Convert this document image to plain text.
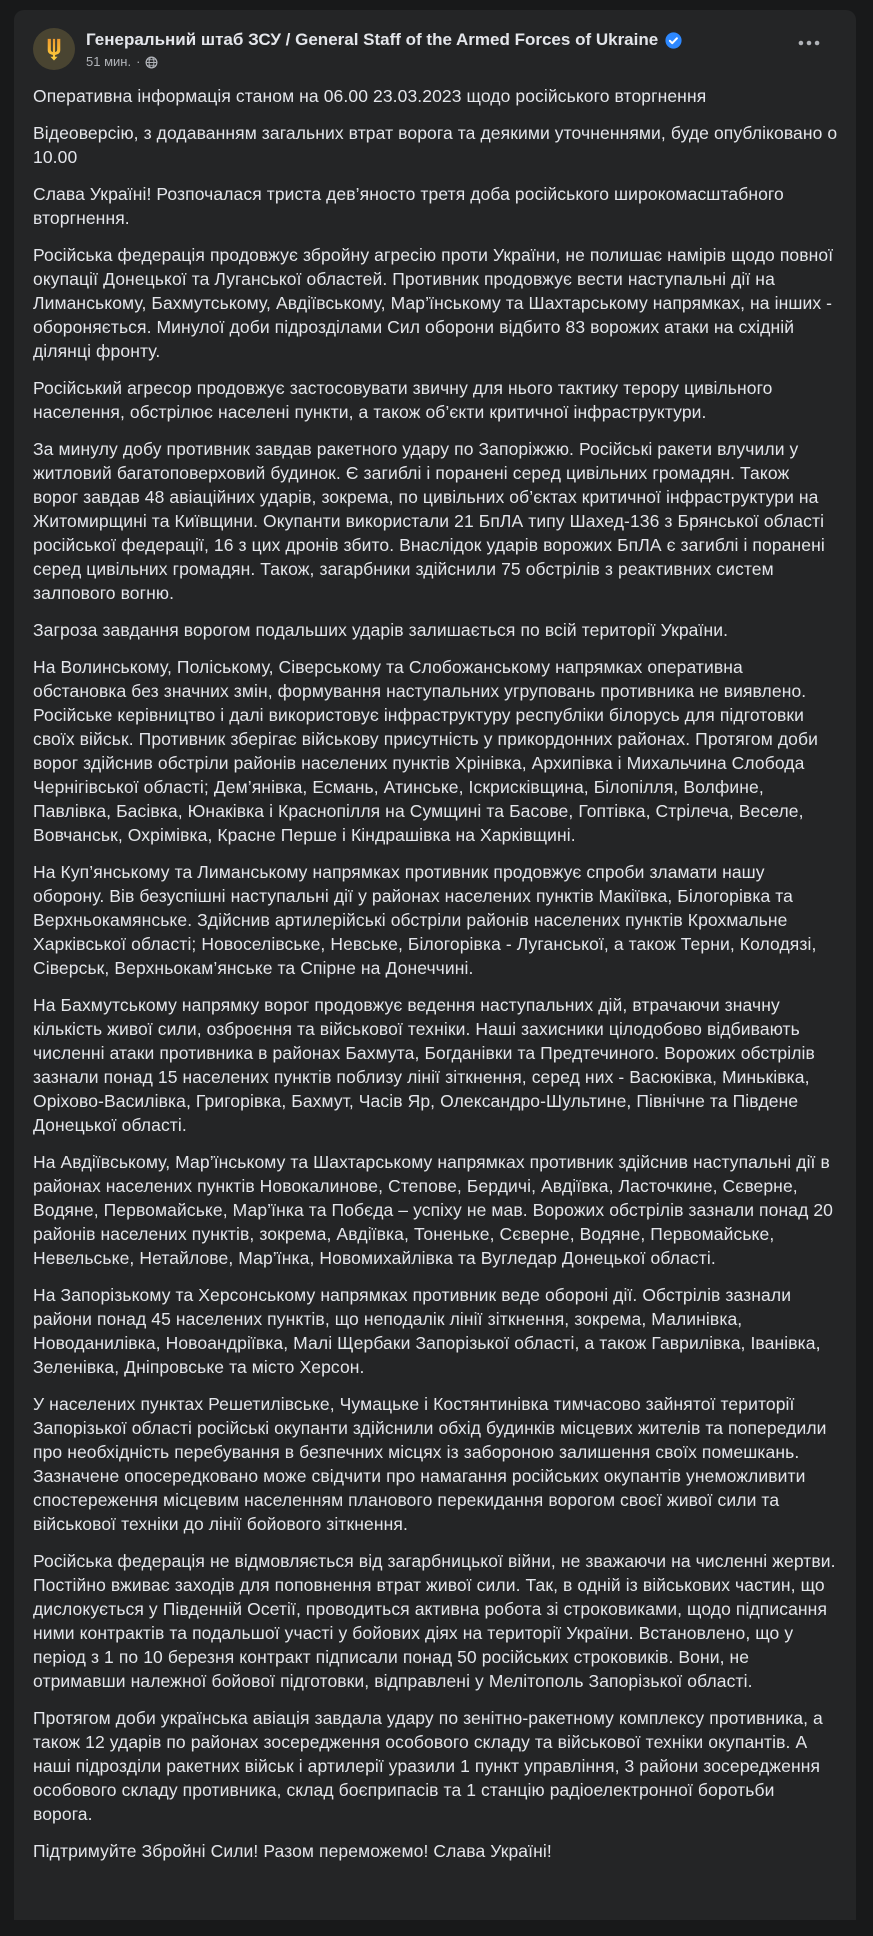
Генеральний штаб ЗСУ / General Staff of the Armed Forces of Ukraine
51 мин. ·
Оперативна інформація станом на 06.00 23.03.2023 щодо російського вторгнення
Відеоверсію, з додаванням загальних втрат ворога та деякими уточненнями, буде опубліковано о 10.00
Слава Україні! Розпочалася триста дев’яносто третя доба російського широкомасштабного вторгнення.
Російська федерація продовжує збройну агресію проти України, не полишає намірів щодо повної окупації Донецької та Луганської областей. Противник продовжує вести наступальні дії на Лиманському, Бахмутському, Авдіївському, Мар’їнському та Шахтарському напрямках, на інших - обороняється. Минулої доби підрозділами Сил оборони відбито 83 ворожих атаки на східній ділянці фронту.
Російський агресор продовжує застосовувати звичну для нього тактику терору цивільного населення, обстрілює населені пункти, а також об’єкти критичної інфраструктури.
За минулу добу противник завдав ракетного удару по Запоріжжю. Російські ракети влучили у житловий багатоповерховий будинок. Є загиблі і поранені серед цивільних громадян. Також ворог завдав 48 авіаційних ударів, зокрема, по цивільних об’єктах критичної інфраструктури на Житомирщині та Київщини. Окупанти використали 21 БпЛА типу Шахед-136 з Брянської області російської федерації, 16 з цих дронів збито. Внаслідок ударів ворожих БпЛА є загиблі і поранені серед цивільних громадян. Також, загарбники здійснили 75 обстрілів з реактивних систем залпового вогню.
Загроза завдання ворогом подальших ударів залишається по всій території України.
На Волинському, Поліському, Сіверському та Слобожанському напрямках оперативна обстановка без значних змін, формування наступальних угруповань противника не виявлено. Російське керівництво і далі використовує інфраструктуру республіки білорусь для підготовки своїх військ. Противник зберігає військову присутність у прикордонних районах. Протягом доби ворог здійснив обстріли районів населених пунктів Хрінівка, Архипівка і Михальчина Слобода Чернігівської області; Дем’янівка, Есмань, Атинське, Іскрисківщина, Білопілля, Волфине, Павлівка, Басівка, Юнаківка і Краснопілля на Сумщині та Басове, Гоптівка, Стрілеча, Веселе, Вовчанськ, Охрімівка, Красне Перше і Кіндрашівка на Харківщині.
На Куп’янському та Лиманському напрямках противник продовжує спроби зламати нашу оборону. Вів безуспішні наступальні дії у районах населених пунктів Макіївка, Білогорівка та Верхньокамянське. Здійснив артилерійські обстріли районів населених пунктів Крохмальне Харківської області; Новоселівське, Невське, Білогорівка - Луганської, а також Терни, Колодязі, Сіверськ, Верхньокам’янське та Спірне на Донеччині.
На Бахмутському напрямку ворог продовжує ведення наступальних дій, втрачаючи значну кількість живої сили, озброєння та військової техніки. Наші захисники цілодобово відбивають численні атаки противника в районах Бахмута, Богданівки та Предтечиного. Ворожих обстрілів зазнали понад 15 населених пунктів поблизу лінії зіткнення, серед них - Васюківка, Миньківка, Оріхово-Василівка, Григорівка, Бахмут, Часів Яр, Олександро-Шультине, Північне та Південе Донецької області.
На Авдіївському, Мар’їнському та Шахтарському напрямках противник здійснив наступальні дії в районах населених пунктів Новокалинове, Степове, Бердичі, Авдіївка, Ласточкине, Сєверне, Водяне, Первомайське, Мар’їнка та Побєда – успіху не мав. Ворожих обстрілів зазнали понад 20 районів населених пунктів, зокрема, Авдіївка, Тоненьке, Сєверне, Водяне, Первомайське, Невельське, Нетайлове, Мар’їнка, Новомихайлівка та Вугледар Донецької області.
На Запорізькому та Херсонському напрямках противник веде обороні дії. Обстрілів зазнали райони понад 45 населених пунктів, що неподалік лінії зіткнення, зокрема, Малинівка, Новоданилівка, Новоандріївка, Малі Щербаки Запорізької області, а також Гаврилівка, Іванівка, Зеленівка, Дніпровське та місто Херсон.
У населених пунктах Решетилівське, Чумацьке і Костянтинівка тимчасово зайнятої території Запорізької області російські окупанти здійснили обхід будинків місцевих жителів та попередили про необхідність перебування в безпечних місцях із забороною залишення своїх помешкань. Зазначене опосередковано може свідчити про намагання російських окупантів унеможливити спостереження місцевим населенням планового перекидання ворогом своєї живої сили та військової техніки до лінії бойового зіткнення.
Російська федерація не відмовляється від загарбницької війни, не зважаючи на численні жертви. Постійно вживає заходів для поповнення втрат живої сили. Так, в одній із військових частин, що дислокується у Південній Осетії, проводиться активна робота зі строковиками, щодо підписання ними контрактів та подальшої участі у бойових діях на території України. Встановлено, що у період з 1 по 10 березня контракт підписали понад 50 російських строковиків. Вони, не отримавши належної бойової підготовки, відправлені у Мелітополь Запорізької області.
Протягом доби українська авіація завдала удару по зенітно-ракетному комплексу противника, а також 12 ударів по районах зосередження особового складу та військової техніки окупантів. А наші підрозділи ракетних військ і артилерії уразили 1 пункт управління, 3 райони зосередження особового складу противника, склад боєприпасів та 1 станцію радіоелектронної боротьби ворога.
Підтримуйте Збройні Сили! Разом переможемо! Слава Україні!
